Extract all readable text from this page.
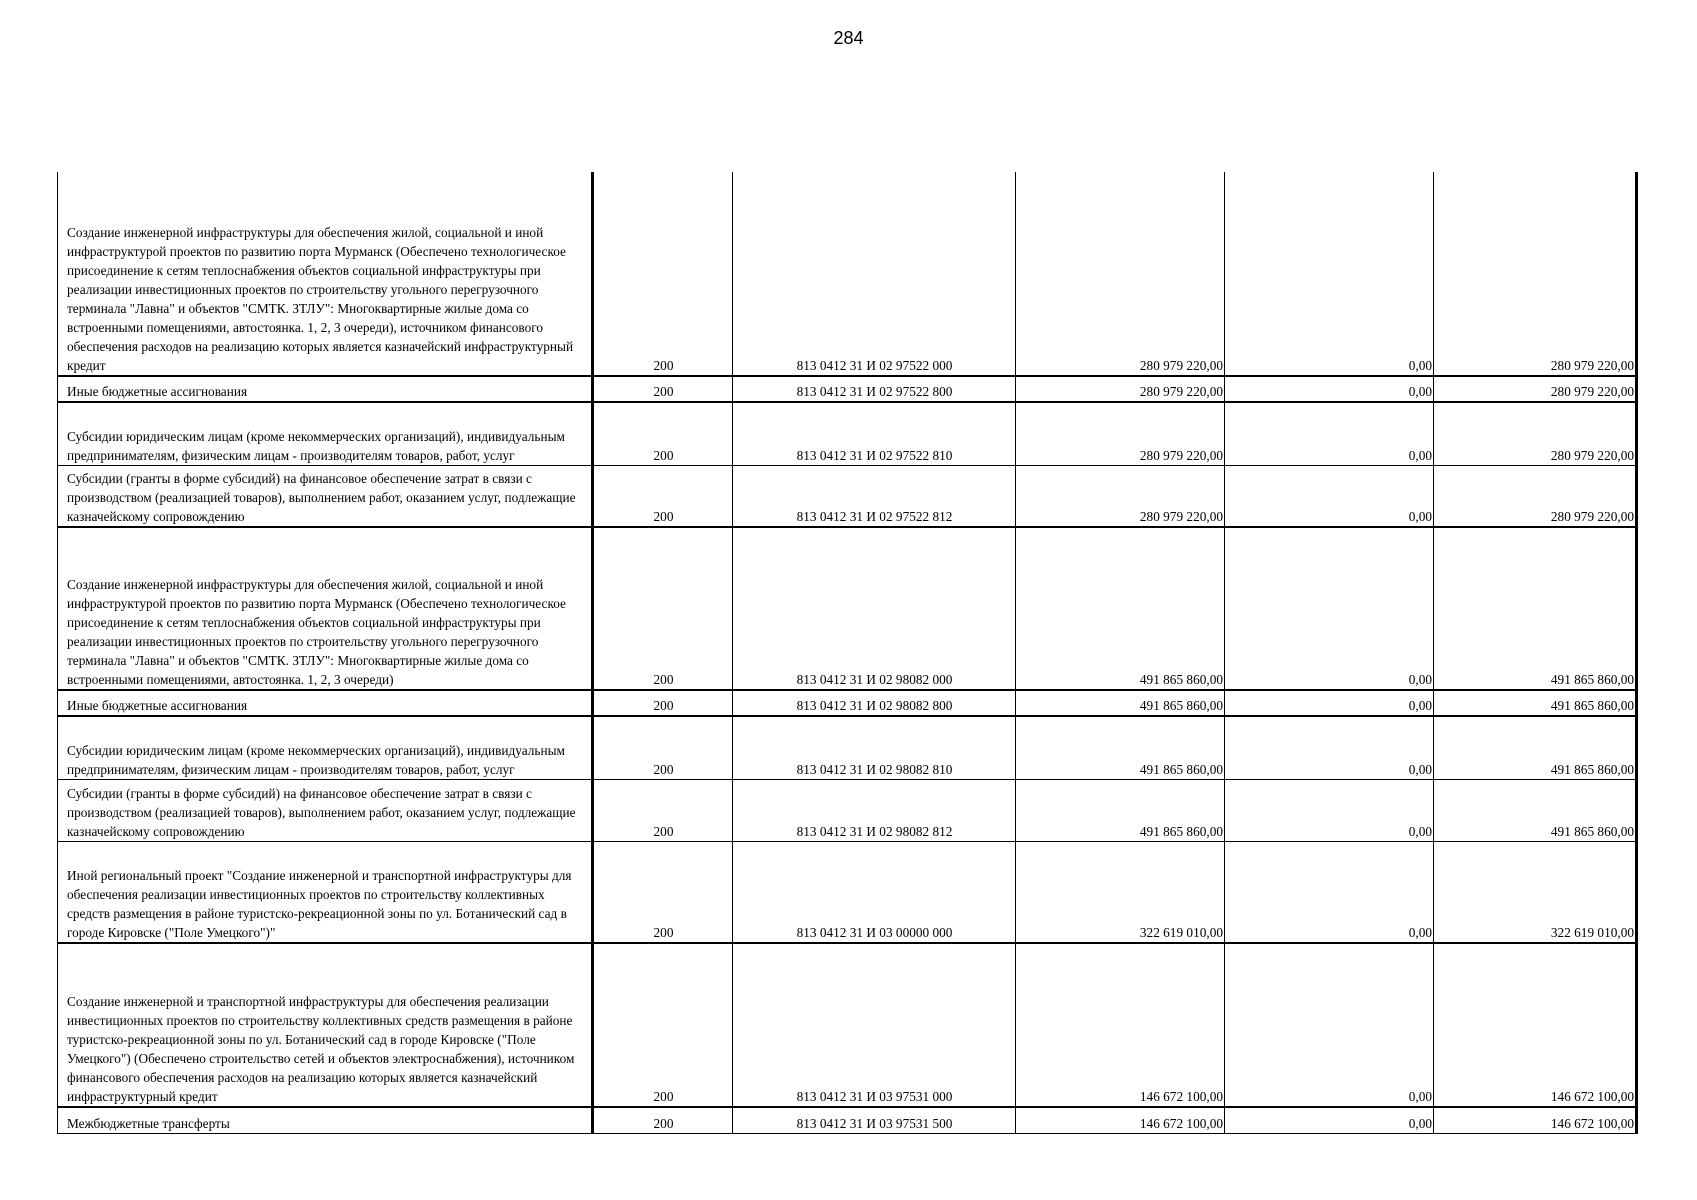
284
Создание инженерной инфраструктуры для обеспечения жилой, социальной и иной инфраструктурой проектов по развитию порта Мурманск (Обеспечено технологическое присоединение к сетям теплоснабжения объектов социальной инфраструктуры при реализации инвестиционных проектов по строительству угольного перегрузочного терминала "Лавна" и объектов "СМТК. ЗТЛУ": Многоквартирные жилые дома со встроенными помещениями, автостоянка. 1, 2, 3 очереди), источником финансового обеспечения расходов на реализацию которых является казначейский инфраструктурный кредит	200	813 0412 31 И 02 97522 000	280 979 220,00	0,00	280 979 220,00

Иные бюджетные ассигнования	200	813 0412 31 И 02 97522 800	280 979 220,00	0,00	280 979 220,00

Субсидии юридическим лицам (кроме некоммерческих организаций), индивидуальным предпринимателям, физическим лицам - производителям товаров, работ, услуг	200	813 0412 31 И 02 97522 810	280 979 220,00	0,00	280 979 220,00

Субсидии (гранты в форме субсидий) на финансовое обеспечение затрат в связи с производством (реализацией товаров), выполнением работ, оказанием услуг, подлежащие казначейскому сопровождению	200	813 0412 31 И 02 97522 812	280 979 220,00	0,00	280 979 220,00

Создание инженерной инфраструктуры для обеспечения жилой, социальной и иной инфраструктурой проектов по развитию порта Мурманск (Обеспечено технологическое присоединение к сетям теплоснабжения объектов социальной инфраструктуры при реализации инвестиционных проектов по строительству угольного перегрузочного терминала "Лавна" и объектов "СМТК. ЗТЛУ": Многоквартирные жилые дома со встроенными помещениями, автостоянка. 1, 2, 3 очереди)	200	813 0412 31 И 02 98082 000	491 865 860,00	0,00	491 865 860,00

Иные бюджетные ассигнования	200	813 0412 31 И 02 98082 800	491 865 860,00	0,00	491 865 860,00

Субсидии юридическим лицам (кроме некоммерческих организаций), индивидуальным предпринимателям, физическим лицам - производителям товаров, работ, услуг	200	813 0412 31 И 02 98082 810	491 865 860,00	0,00	491 865 860,00

Субсидии (гранты в форме субсидий) на финансовое обеспечение затрат в связи с производством (реализацией товаров), выполнением работ, оказанием услуг, подлежащие казначейскому сопровождению	200	813 0412 31 И 02 98082 812	491 865 860,00	0,00	491 865 860,00

Иной региональный проект "Создание инженерной и транспортной инфраструктуры для обеспечения реализации инвестиционных проектов по строительству коллективных средств размещения в районе туристско-рекреационной зоны по ул. Ботанический сад в городе Кировске ("Поле Умецкого")"	200	813 0412 31 И 03 00000 000	322 619 010,00	0,00	322 619 010,00

Создание инженерной и транспортной инфраструктуры для обеспечения реализации инвестиционных проектов по строительству коллективных средств размещения в районе туристско-рекреационной зоны по ул. Ботанический сад в городе Кировске ("Поле Умецкого") (Обеспечено строительство сетей и объектов электроснабжения), источником финансового обеспечения расходов на реализацию которых является казначейский инфраструктурный кредит	200	813 0412 31 И 03 97531 000	146 672 100,00	0,00	146 672 100,00

Межбюджетные трансферты	200	813 0412 31 И 03 97531 500	146 672 100,00	0,00	146 672 100,00
